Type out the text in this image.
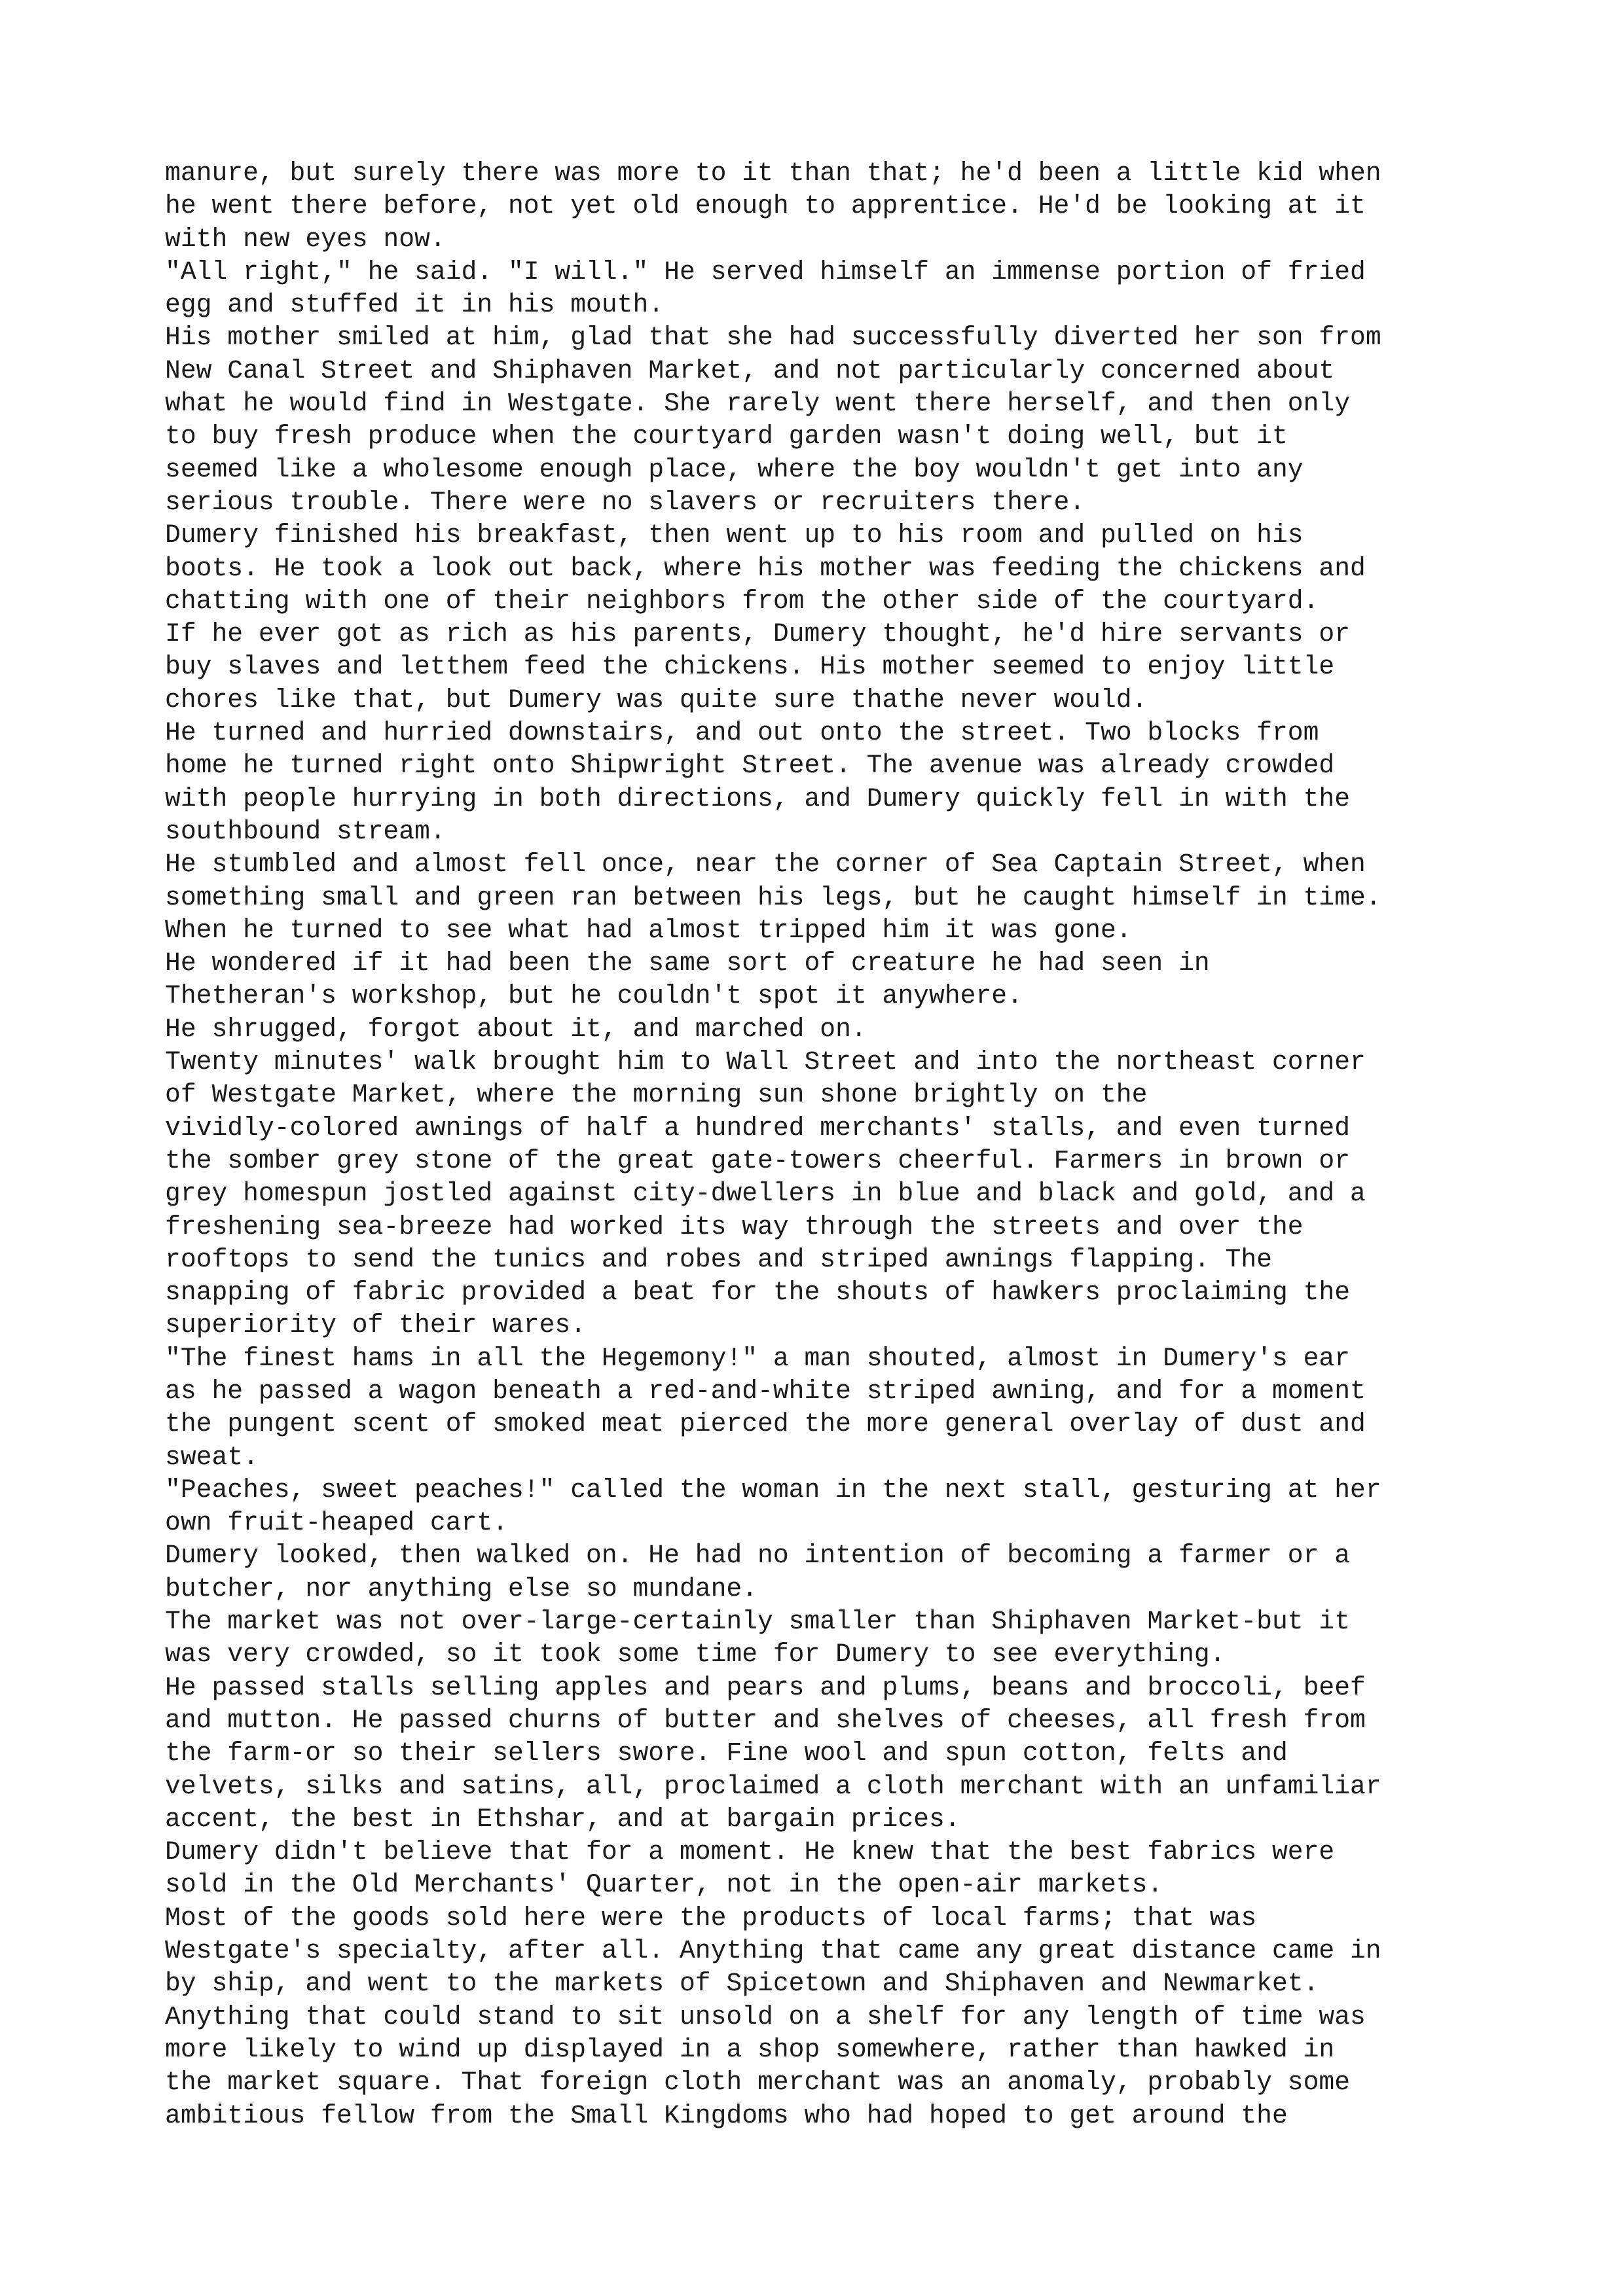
manure, but surely there was more to it than that; he'd been a little kid when
he went there before, not yet old enough to apprentice. He'd be looking at it
with new eyes now.
"All right," he said. "I will." He served himself an immense portion of fried
egg and stuffed it in his mouth.
His mother smiled at him, glad that she had successfully diverted her son from
New Canal Street and Shiphaven Market, and not particularly concerned about
what he would find in Westgate. She rarely went there herself, and then only
to buy fresh produce when the courtyard garden wasn't doing well, but it
seemed like a wholesome enough place, where the boy wouldn't get into any
serious trouble. There were no slavers or recruiters there.
Dumery finished his breakfast, then went up to his room and pulled on his
boots. He took a look out back, where his mother was feeding the chickens and
chatting with one of their neighbors from the other side of the courtyard.
If he ever got as rich as his parents, Dumery thought, he'd hire servants or
buy slaves and letthem feed the chickens. His mother seemed to enjoy little
chores like that, but Dumery was quite sure thathe never would.
He turned and hurried downstairs, and out onto the street. Two blocks from
home he turned right onto Shipwright Street. The avenue was already crowded
with people hurrying in both directions, and Dumery quickly fell in with the
southbound stream.
He stumbled and almost fell once, near the corner of Sea Captain Street, when
something small and green ran between his legs, but he caught himself in time.
When he turned to see what had almost tripped him it was gone.
He wondered if it had been the same sort of creature he had seen in
Thetheran's workshop, but he couldn't spot it anywhere.
He shrugged, forgot about it, and marched on.
Twenty minutes' walk brought him to Wall Street and into the northeast corner
of Westgate Market, where the morning sun shone brightly on the
vividly-colored awnings of half a hundred merchants' stalls, and even turned
the somber grey stone of the great gate-towers cheerful. Farmers in brown or
grey homespun jostled against city-dwellers in blue and black and gold, and a
freshening sea-breeze had worked its way through the streets and over the
rooftops to send the tunics and robes and striped awnings flapping. The
snapping of fabric provided a beat for the shouts of hawkers proclaiming the
superiority of their wares.
"The finest hams in all the Hegemony!" a man shouted, almost in Dumery's ear
as he passed a wagon beneath a red-and-white striped awning, and for a moment
the pungent scent of smoked meat pierced the more general overlay of dust and
sweat.
"Peaches, sweet peaches!" called the woman in the next stall, gesturing at her
own fruit-heaped cart.
Dumery looked, then walked on. He had no intention of becoming a farmer or a
butcher, nor anything else so mundane.
The market was not over-large-certainly smaller than Shiphaven Market-but it
was very crowded, so it took some time for Dumery to see everything.
He passed stalls selling apples and pears and plums, beans and broccoli, beef
and mutton. He passed churns of butter and shelves of cheeses, all fresh from
the farm-or so their sellers swore. Fine wool and spun cotton, felts and
velvets, silks and satins, all, proclaimed a cloth merchant with an unfamiliar
accent, the best in Ethshar, and at bargain prices.
Dumery didn't believe that for a moment. He knew that the best fabrics were
sold in the Old Merchants' Quarter, not in the open-air markets.
Most of the goods sold here were the products of local farms; that was
Westgate's specialty, after all. Anything that came any great distance came in
by ship, and went to the markets of Spicetown and Shiphaven and Newmarket.
Anything that could stand to sit unsold on a shelf for any length of time was
more likely to wind up displayed in a shop somewhere, rather than hawked in
the market square. That foreign cloth merchant was an anomaly, probably some
ambitious fellow from the Small Kingdoms who had hoped to get around the
